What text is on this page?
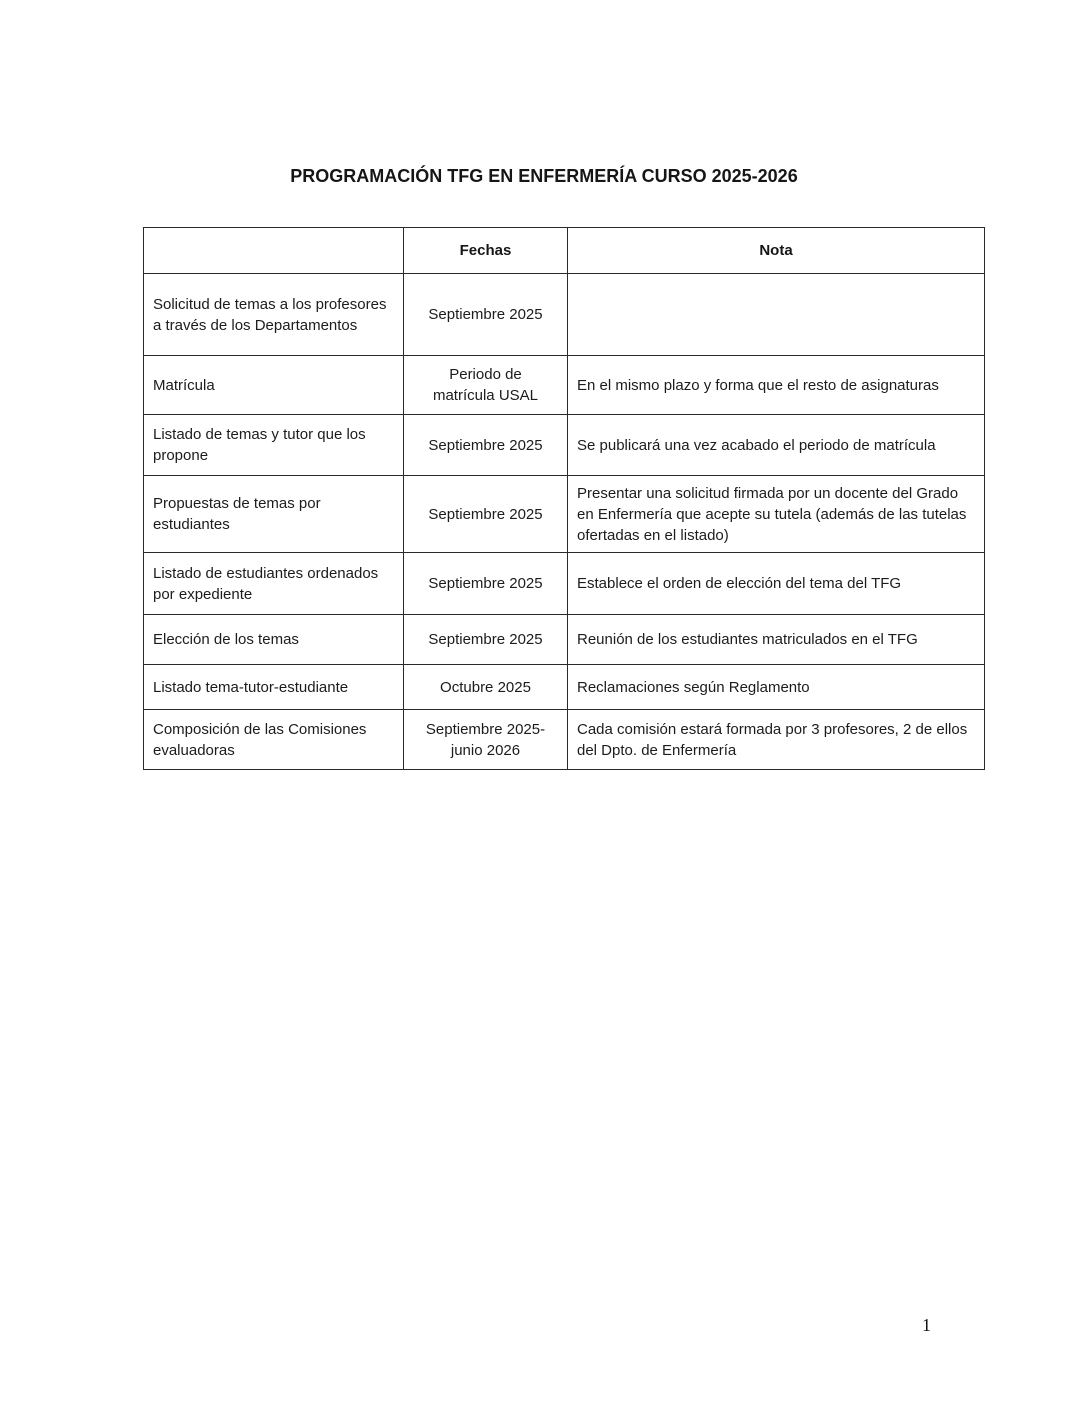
PROGRAMACIÓN TFG EN ENFERMERÍA CURSO 2025-2026
	Fechas	Nota
Solicitud de temas a los profesores a través de los Departamentos	Septiembre 2025	
Matrícula	Periodo de matrícula USAL	En el mismo plazo y forma que el resto de asignaturas
Listado de temas y tutor que los propone	Septiembre 2025	Se publicará una vez acabado el periodo de matrícula
Propuestas de temas por estudiantes	Septiembre 2025	Presentar una solicitud firmada por un docente del Grado en Enfermería que acepte su tutela (además de las tutelas ofertadas en el listado)
Listado de estudiantes ordenados por expediente	Septiembre 2025	Establece el orden de elección del tema del TFG
Elección de los temas	Septiembre 2025	Reunión de los estudiantes matriculados en el TFG
Listado tema-tutor-estudiante	Octubre 2025	Reclamaciones según Reglamento
Composición de las Comisiones evaluadoras	Septiembre 2025- junio 2026	Cada comisión estará formada por 3 profesores, 2 de ellos del Dpto. de Enfermería
1
